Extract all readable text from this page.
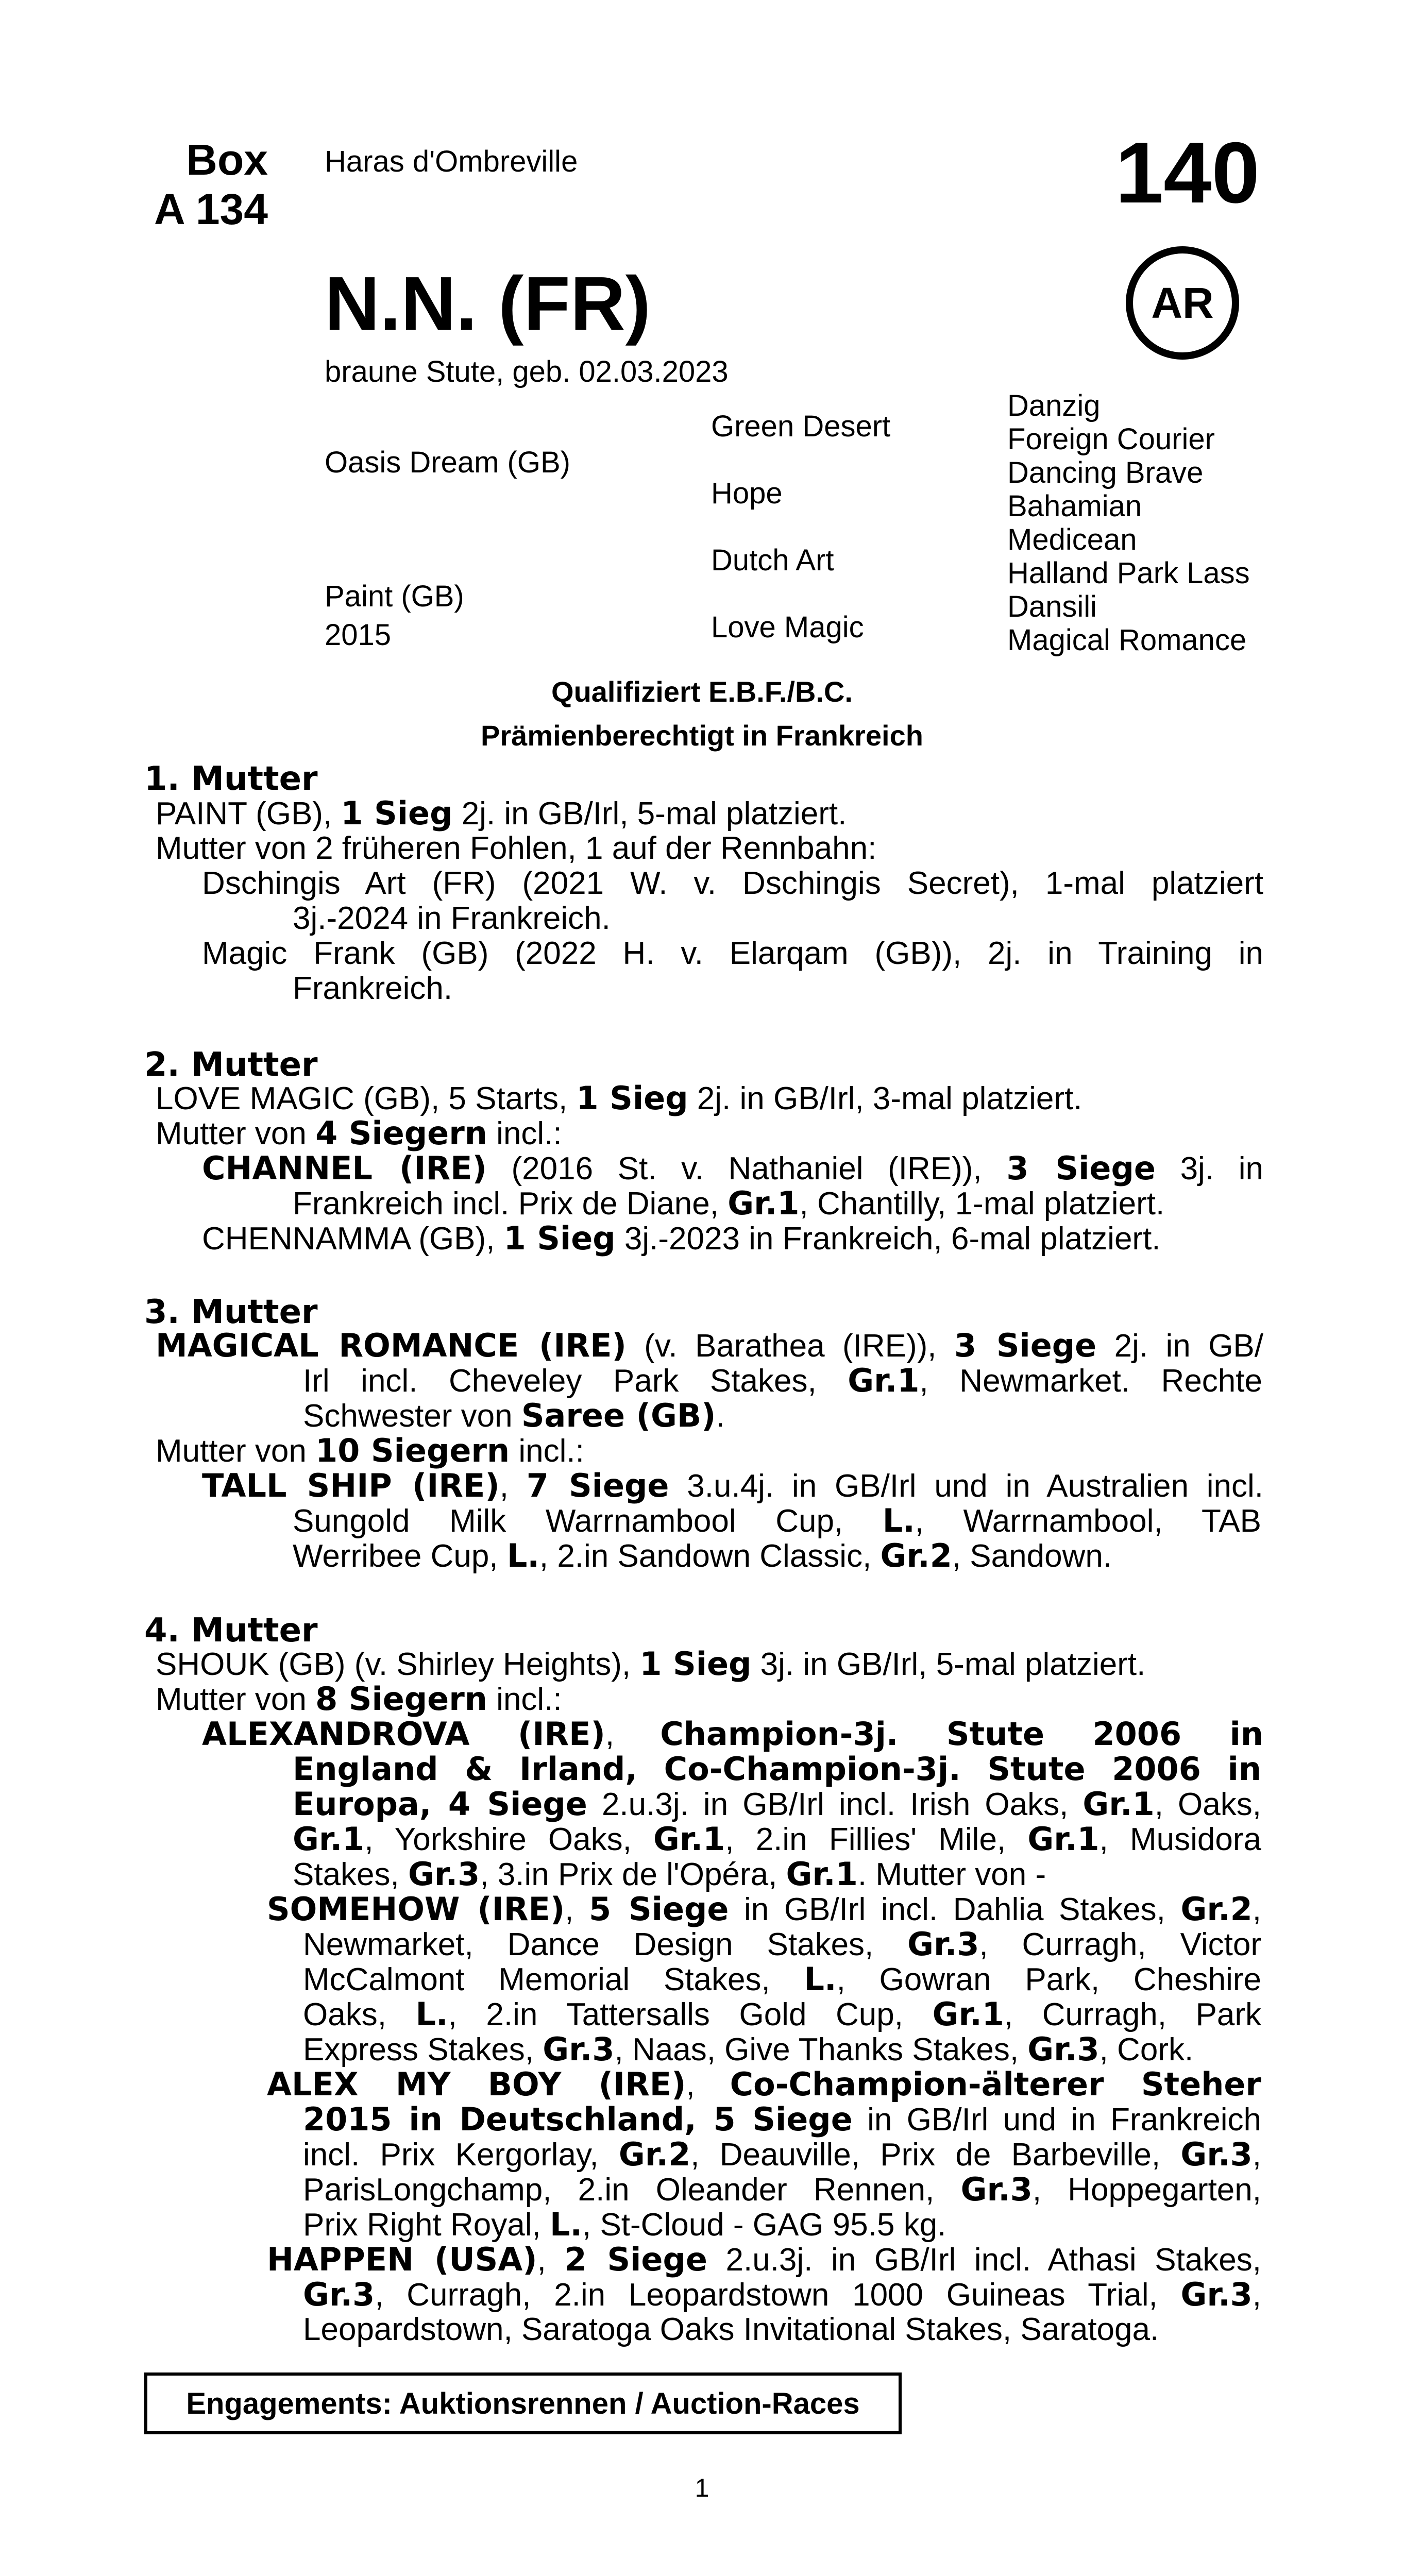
Box
A 134
Haras d'Ombreville	140
N.N. (FR)	AR
braune Stute, geb. 02.03.2023
Oasis Dream (GB)
Paint (GB)
2015
Green Desert
Hope
Dutch Art
Love Magic
Danzig
Foreign Courier
Dancing Brave
Bahamian
Medicean
Halland Park Lass
Dansili
Magical Romance
Qualifiziert E.B.F./B.C.
Prämienberechtigt in Frankreich
1. Mutter
PAINT (GB), 1 Sieg 2j. in GB/Irl, 5-mal platziert.
Mutter von 2 früheren Fohlen, 1 auf der Rennbahn:
Dschingis Art (FR) (2021 W. v. Dschingis Secret), 1-mal platziert
3j.-2024 in Frankreich.
Magic Frank (GB) (2022 H. v. Elarqam (GB)), 2j. in Training in
Frankreich.
2. Mutter
LOVE MAGIC (GB), 5 Starts, 1 Sieg 2j. in GB/Irl, 3-mal platziert.
Mutter von 4 Siegern incl.:
CHANNEL (IRE) (2016 St. v. Nathaniel (IRE)), 3 Siege 3j. in
Frankreich incl. Prix de Diane, Gr.1, Chantilly, 1-mal platziert.
CHENNAMMA (GB), 1 Sieg 3j.-2023 in Frankreich, 6-mal platziert.
3. Mutter
MAGICAL ROMANCE (IRE) (v. Barathea (IRE)), 3 Siege 2j. in GB/
Irl incl. Cheveley Park Stakes, Gr.1, Newmarket. Rechte
Schwester von Saree (GB).
Mutter von 10 Siegern incl.:
TALL SHIP (IRE), 7 Siege 3.u.4j. in GB/Irl und in Australien incl.
Sungold Milk Warrnambool Cup, L., Warrnambool, TAB
Werribee Cup, L., 2.in Sandown Classic, Gr.2, Sandown.
4. Mutter
SHOUK (GB) (v. Shirley Heights), 1 Sieg 3j. in GB/Irl, 5-mal platziert.
Mutter von 8 Siegern incl.:
ALEXANDROVA (IRE), Champion-3j. Stute 2006 in
England & Irland, Co-Champion-3j. Stute 2006 in
Europa, 4 Siege 2.u.3j. in GB/Irl incl. Irish Oaks, Gr.1, Oaks,
Gr.1, Yorkshire Oaks, Gr.1, 2.in Fillies' Mile, Gr.1, Musidora
Stakes, Gr.3, 3.in Prix de l'Opéra, Gr.1. Mutter von -
SOMEHOW (IRE), 5 Siege in GB/Irl incl. Dahlia Stakes, Gr.2,
Newmarket, Dance Design Stakes, Gr.3, Curragh, Victor
McCalmont Memorial Stakes, L., Gowran Park, Cheshire
Oaks, L., 2.in Tattersalls Gold Cup, Gr.1, Curragh, Park
Express Stakes, Gr.3, Naas, Give Thanks Stakes, Gr.3, Cork.
ALEX MY BOY (IRE), Co-Champion-älterer Steher
2015 in Deutschland, 5 Siege in GB/Irl und in Frankreich
incl. Prix Kergorlay, Gr.2, Deauville, Prix de Barbeville, Gr.3,
ParisLongchamp, 2.in Oleander Rennen, Gr.3, Hoppegarten,
Prix Right Royal, L., St-Cloud - GAG 95.5 kg.
HAPPEN (USA), 2 Siege 2.u.3j. in GB/Irl incl. Athasi Stakes,
Gr.3, Curragh, 2.in Leopardstown 1000 Guineas Trial, Gr.3,
Leopardstown, Saratoga Oaks Invitational Stakes, Saratoga.
Engagements: Auktionsrennen / Auction-Races
1
